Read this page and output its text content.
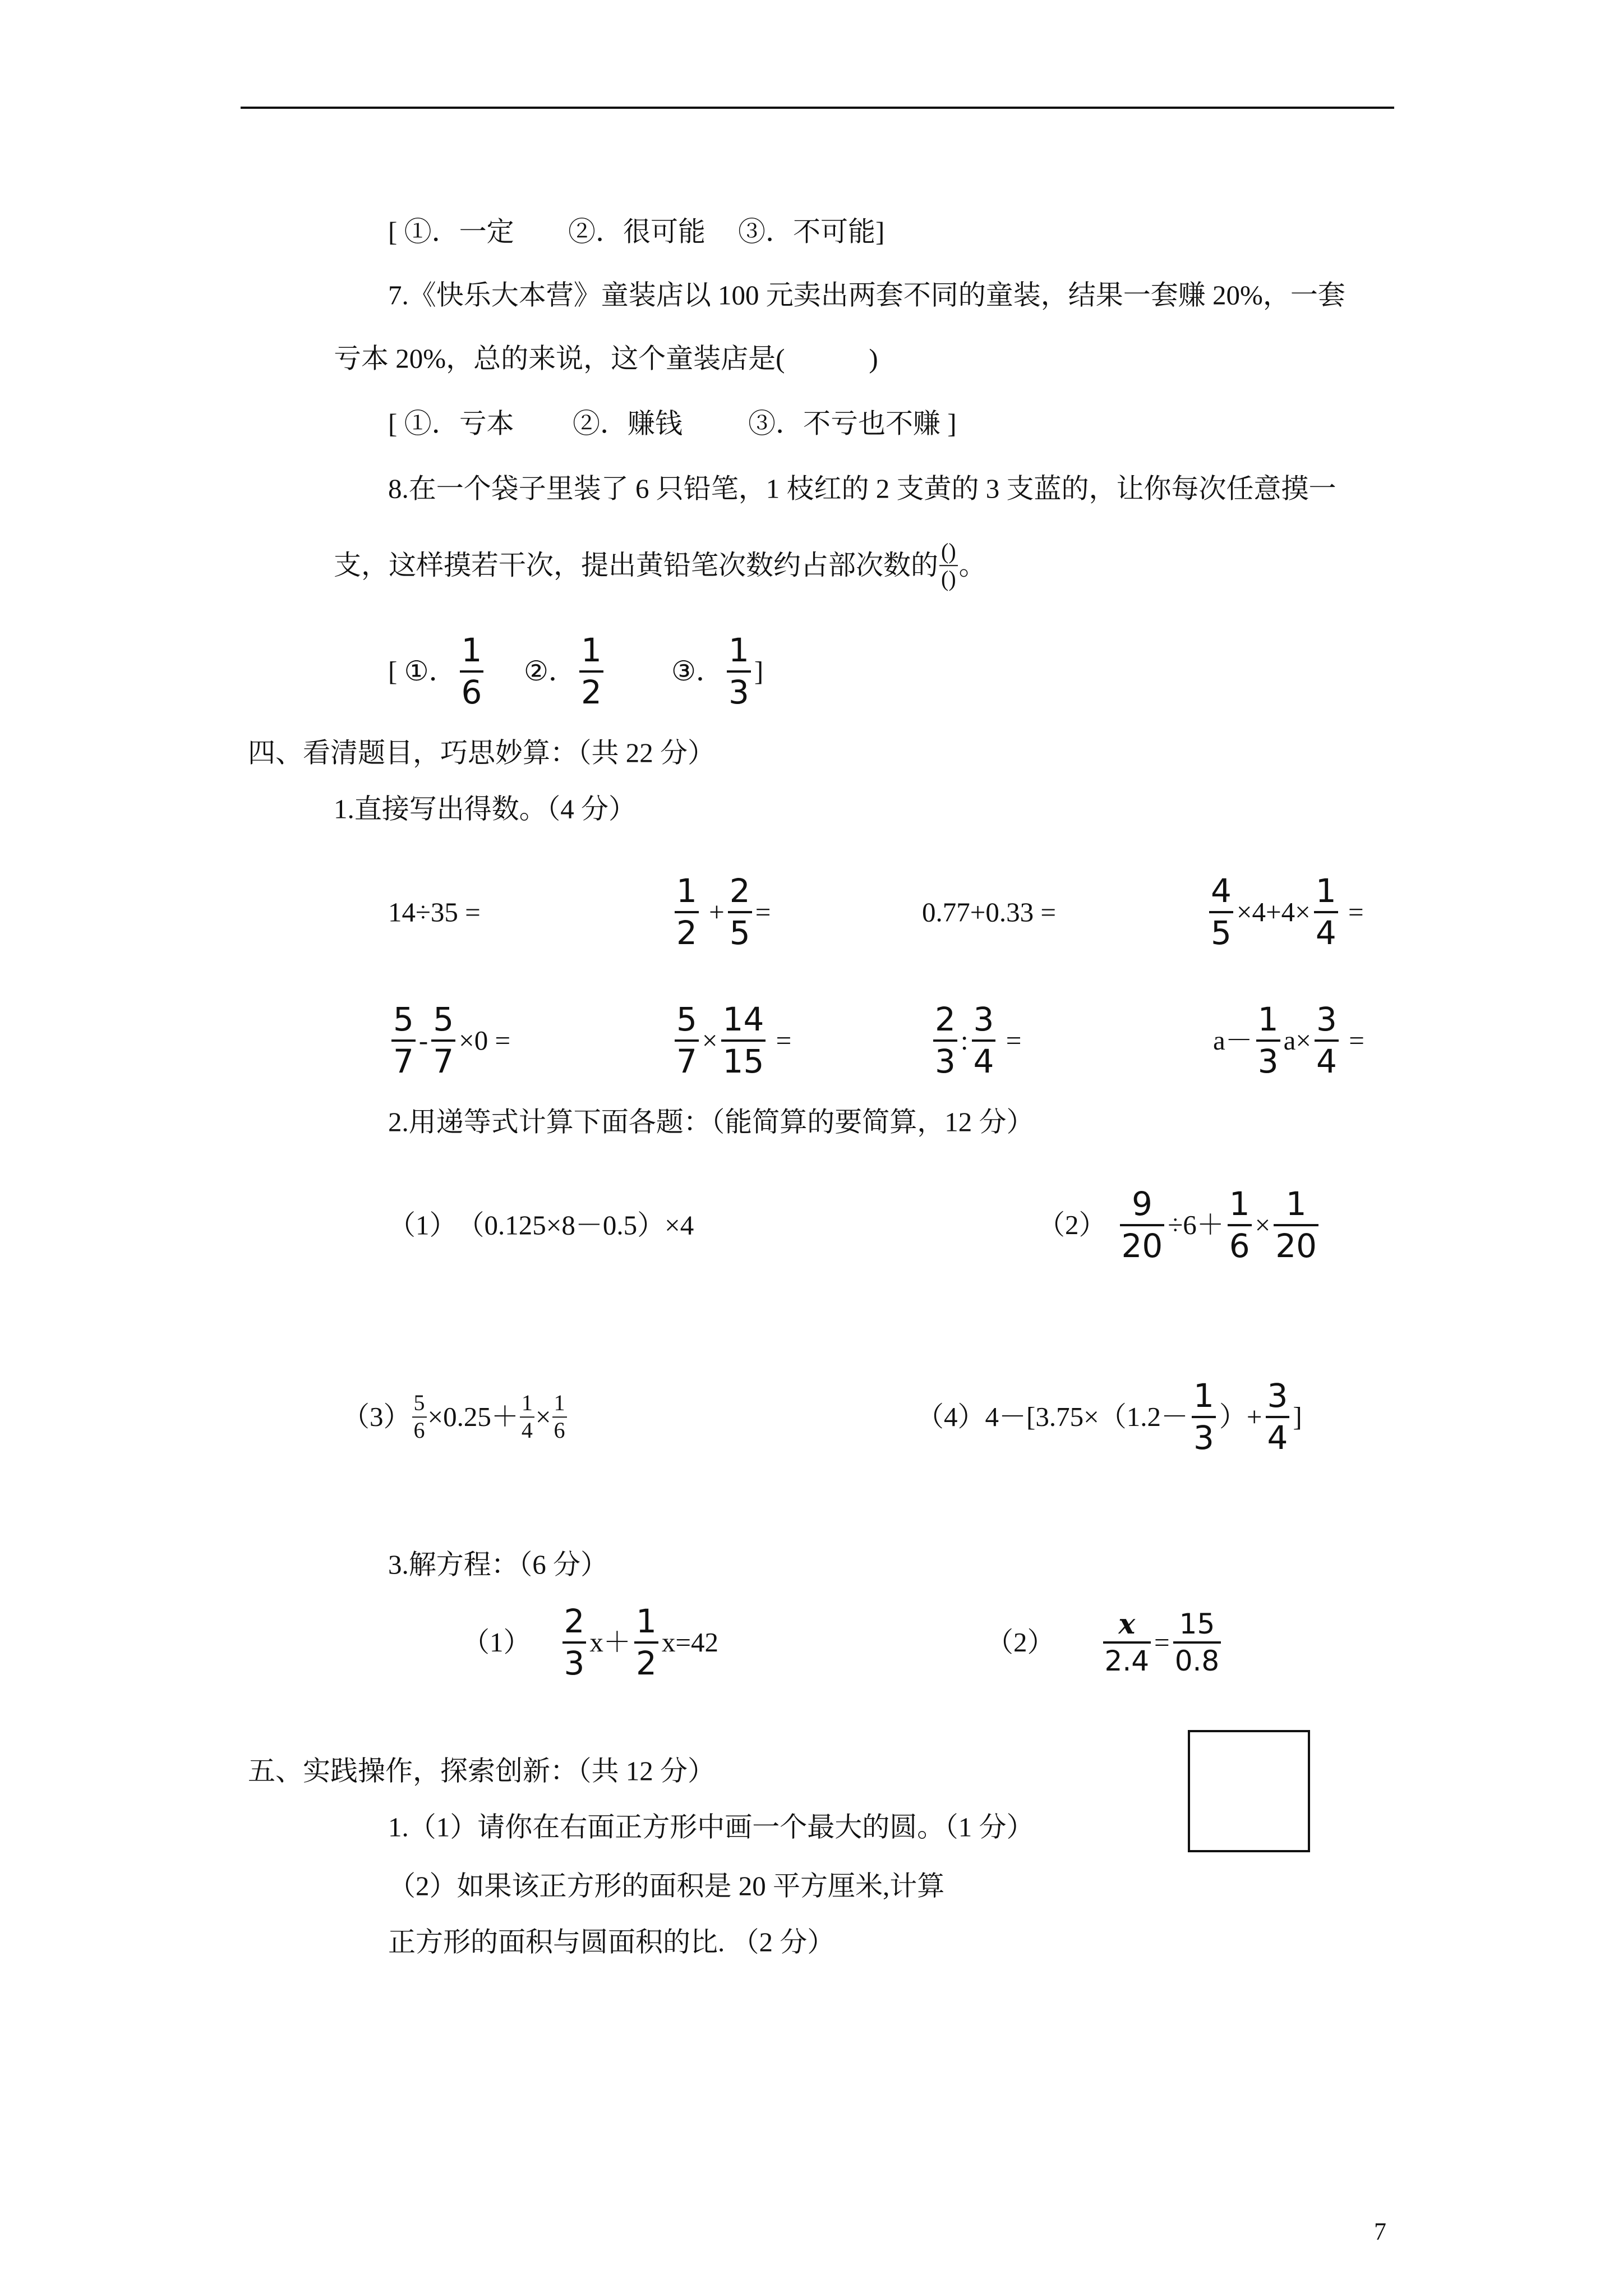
[ ①．一定 ②．很可能 ③．不可能]
7.《快乐大本营》童装店以 100 元卖出两套不同的童装，结果一套赚 20%，一套
亏本 20%，总的来说，这个童装店是(	)
[ ①．亏本 ②．赚钱 ③．不亏也不赚 ]
8.在一个袋子里装了 6 只铅笔，1 枝红的 2 支黄的 3 支蓝的，让你每次任意摸一
支，这样摸若干次，提出黄铅笔次数约占部次数的 $\frac{()}{()}$ 。
[ ①． $\frac{1}{6}$ ②． $\frac{1}{2}$ ③． $\frac{1}{3}$ ]
四、看清题目，巧思妙算：（共 22 分）
1.直接写出得数。（4 分）
14÷35 =	$\frac{1}{2} + \frac{2}{5}$ =	0.77+0.33 =	$\frac{4}{5} \times 4+4\times \frac{1}{4}$ =
$\frac{5}{7} - \frac{5}{7} \times 0$ =	$\frac{5}{7} \times \frac{14}{15}$ =	$\frac{2}{3}$ : $\frac{3}{4}$ =	$a- \frac{1}{3} a\times \frac{3}{4}$ =
2.用递等式计算下面各题：（能简算的要简算，12 分）
（1） （0.125×8－0.5）×4	$(2) \frac{9}{20} \div 6+ \frac{1}{6} \times \frac{1}{20}$
$(3) \frac{5}{6} \times 0.25+ \frac{1}{4} \times \frac{1}{6}$	（4） $4-[3.75\times(1.2- \frac{1}{3}$ ）+ $\frac{3}{4}$ ]
3.解方程：（6 分）
$(1) \frac{2}{3} x+ \frac{1}{2} x=42$	$(2) \frac{x}{2.4} = \frac{15}{0.8}$
五、实践操作，探索创新：（共 12 分）
1.（1）请你在右面正方形中画一个最大的圆。（1 分）
（2）如果该正方形的面积是 20 平方厘米,计算
正方形的面积与圆面积的比. （2 分）
7
